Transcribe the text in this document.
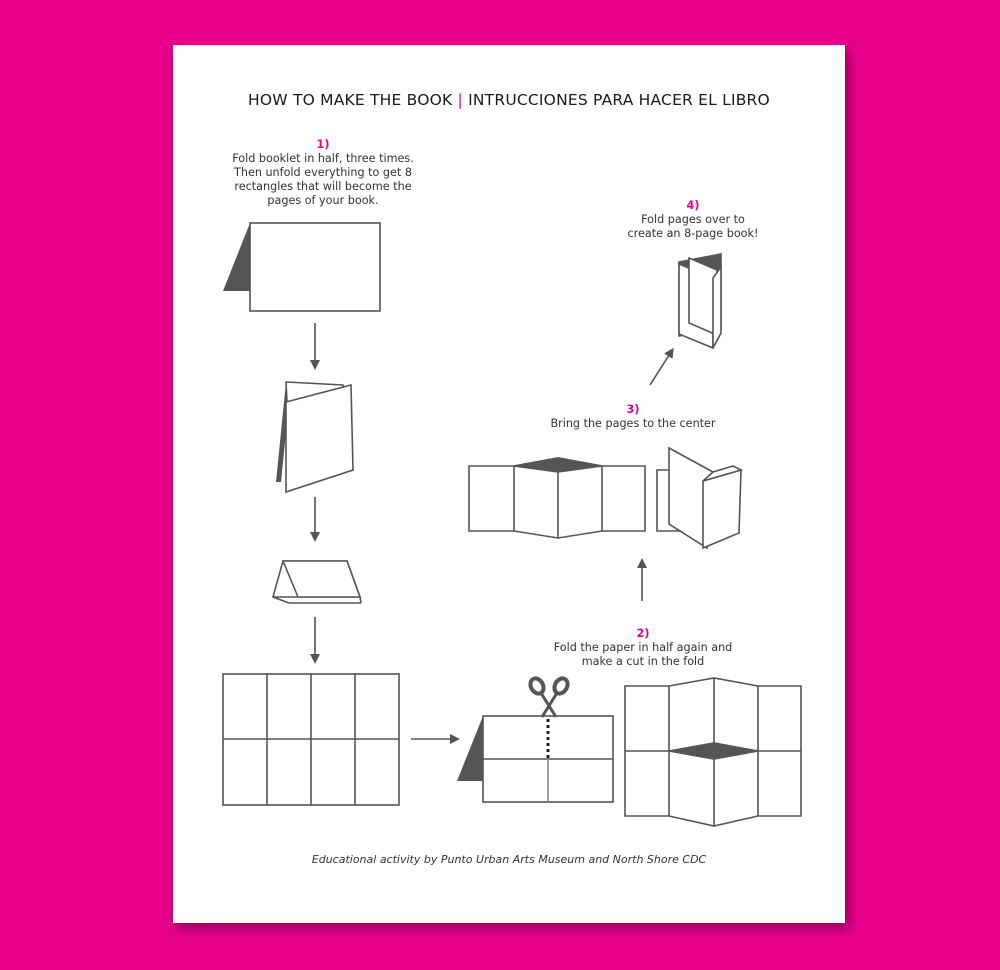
HOW TO MAKE THE BOOK | INTRUCCIONES PARA HACER EL LIBRO
1)
Fold booklet in half, three times.
Then unfold everything to get 8
rectangles that will become the
pages of your book.
2)
Fold the paper in half again and
make a cut in the fold
3)
Bring the pages to the center
4)
Fold pages over to
create an 8-page book!
Educational activity by Punto Urban Arts Museum and North Shore CDC
